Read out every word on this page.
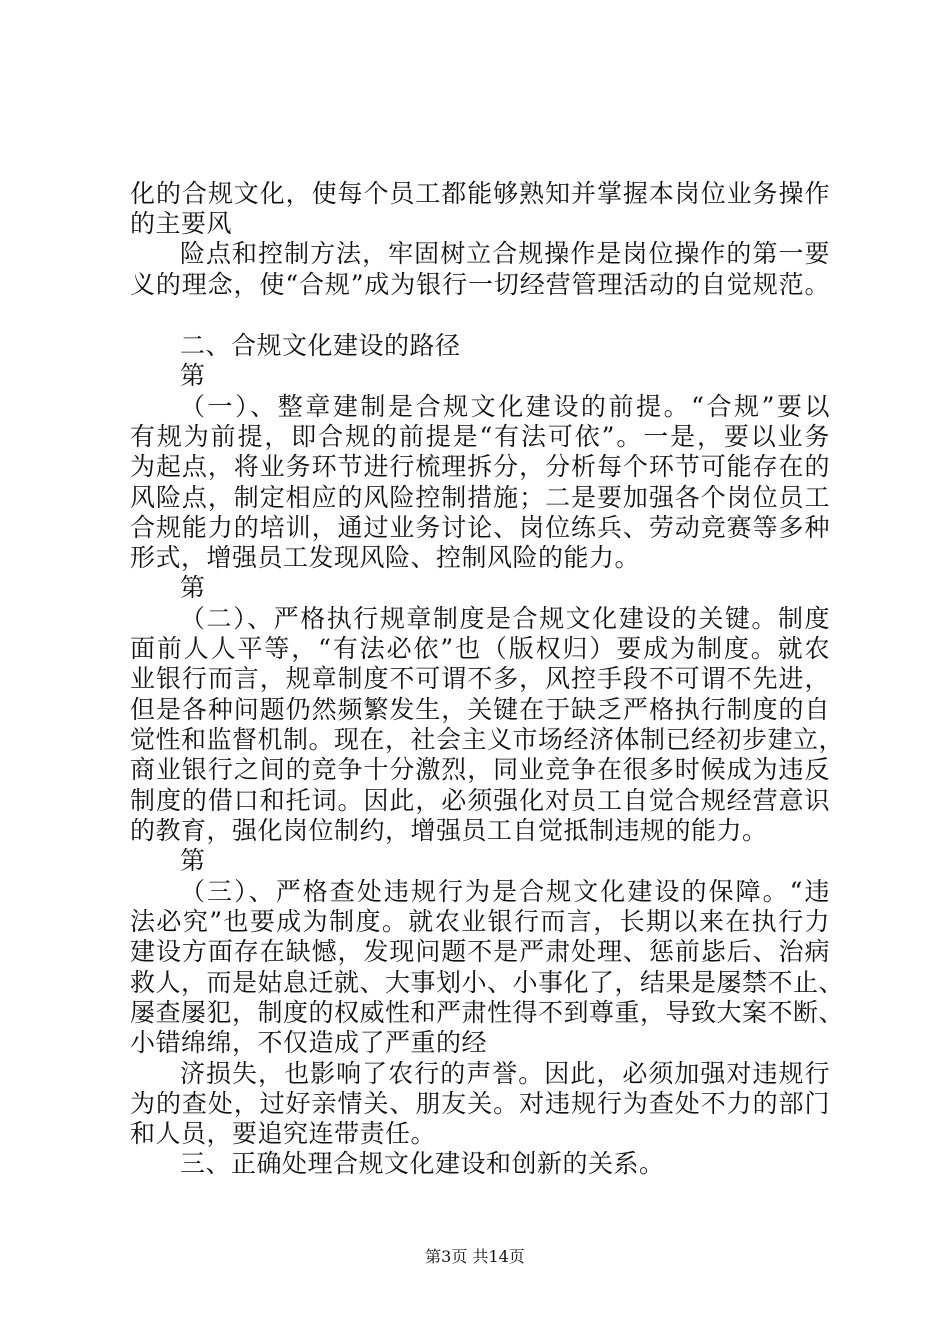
化的合规文化，使每个员工都能够熟知并掌握本岗位业务操作
的主要风
险点和控制方法，牢固树立合规操作是岗位操作的第一要
义的理念，使“合规”成为银行一切经营管理活动的自觉规范。
二、合规文化建设的路径
第
（一）、整章建制是合规文化建设的前提。“合规”要以
有规为前提，即合规的前提是“有法可依”。一是，要以业务
为起点，将业务环节进行梳理拆分，分析每个环节可能存在的
风险点，制定相应的风险控制措施；二是要加强各个岗位员工
合规能力的培训，通过业务讨论、岗位练兵、劳动竞赛等多种
形式，增强员工发现风险、控制风险的能力。
第
（二）、严格执行规章制度是合规文化建设的关键。制度
面前人人平等，“有法必依”也（版权归）要成为制度。就农
业银行而言，规章制度不可谓不多，风控手段不可谓不先进，
但是各种问题仍然频繁发生，关键在于缺乏严格执行制度的自
觉性和监督机制。现在，社会主义市场经济体制已经初步建立，
商业银行之间的竞争十分激烈，同业竞争在很多时候成为违反
制度的借口和托词。因此，必须强化对员工自觉合规经营意识
的教育，强化岗位制约，增强员工自觉抵制违规的能力。
第
（三）、严格查处违规行为是合规文化建设的保障。“违
法必究”也要成为制度。就农业银行而言，长期以来在执行力
建设方面存在缺憾，发现问题不是严肃处理、惩前毖后、治病
救人，而是姑息迁就、大事划小、小事化了，结果是屡禁不止、
屡查屡犯，制度的权威性和严肃性得不到尊重，导致大案不断、
小错绵绵，不仅造成了严重的经
济损失，也影响了农行的声誉。因此，必须加强对违规行
为的查处，过好亲情关、朋友关。对违规行为查处不力的部门
和人员，要追究连带责任。
三、正确处理合规文化建设和创新的关系。
第3页 共14页
